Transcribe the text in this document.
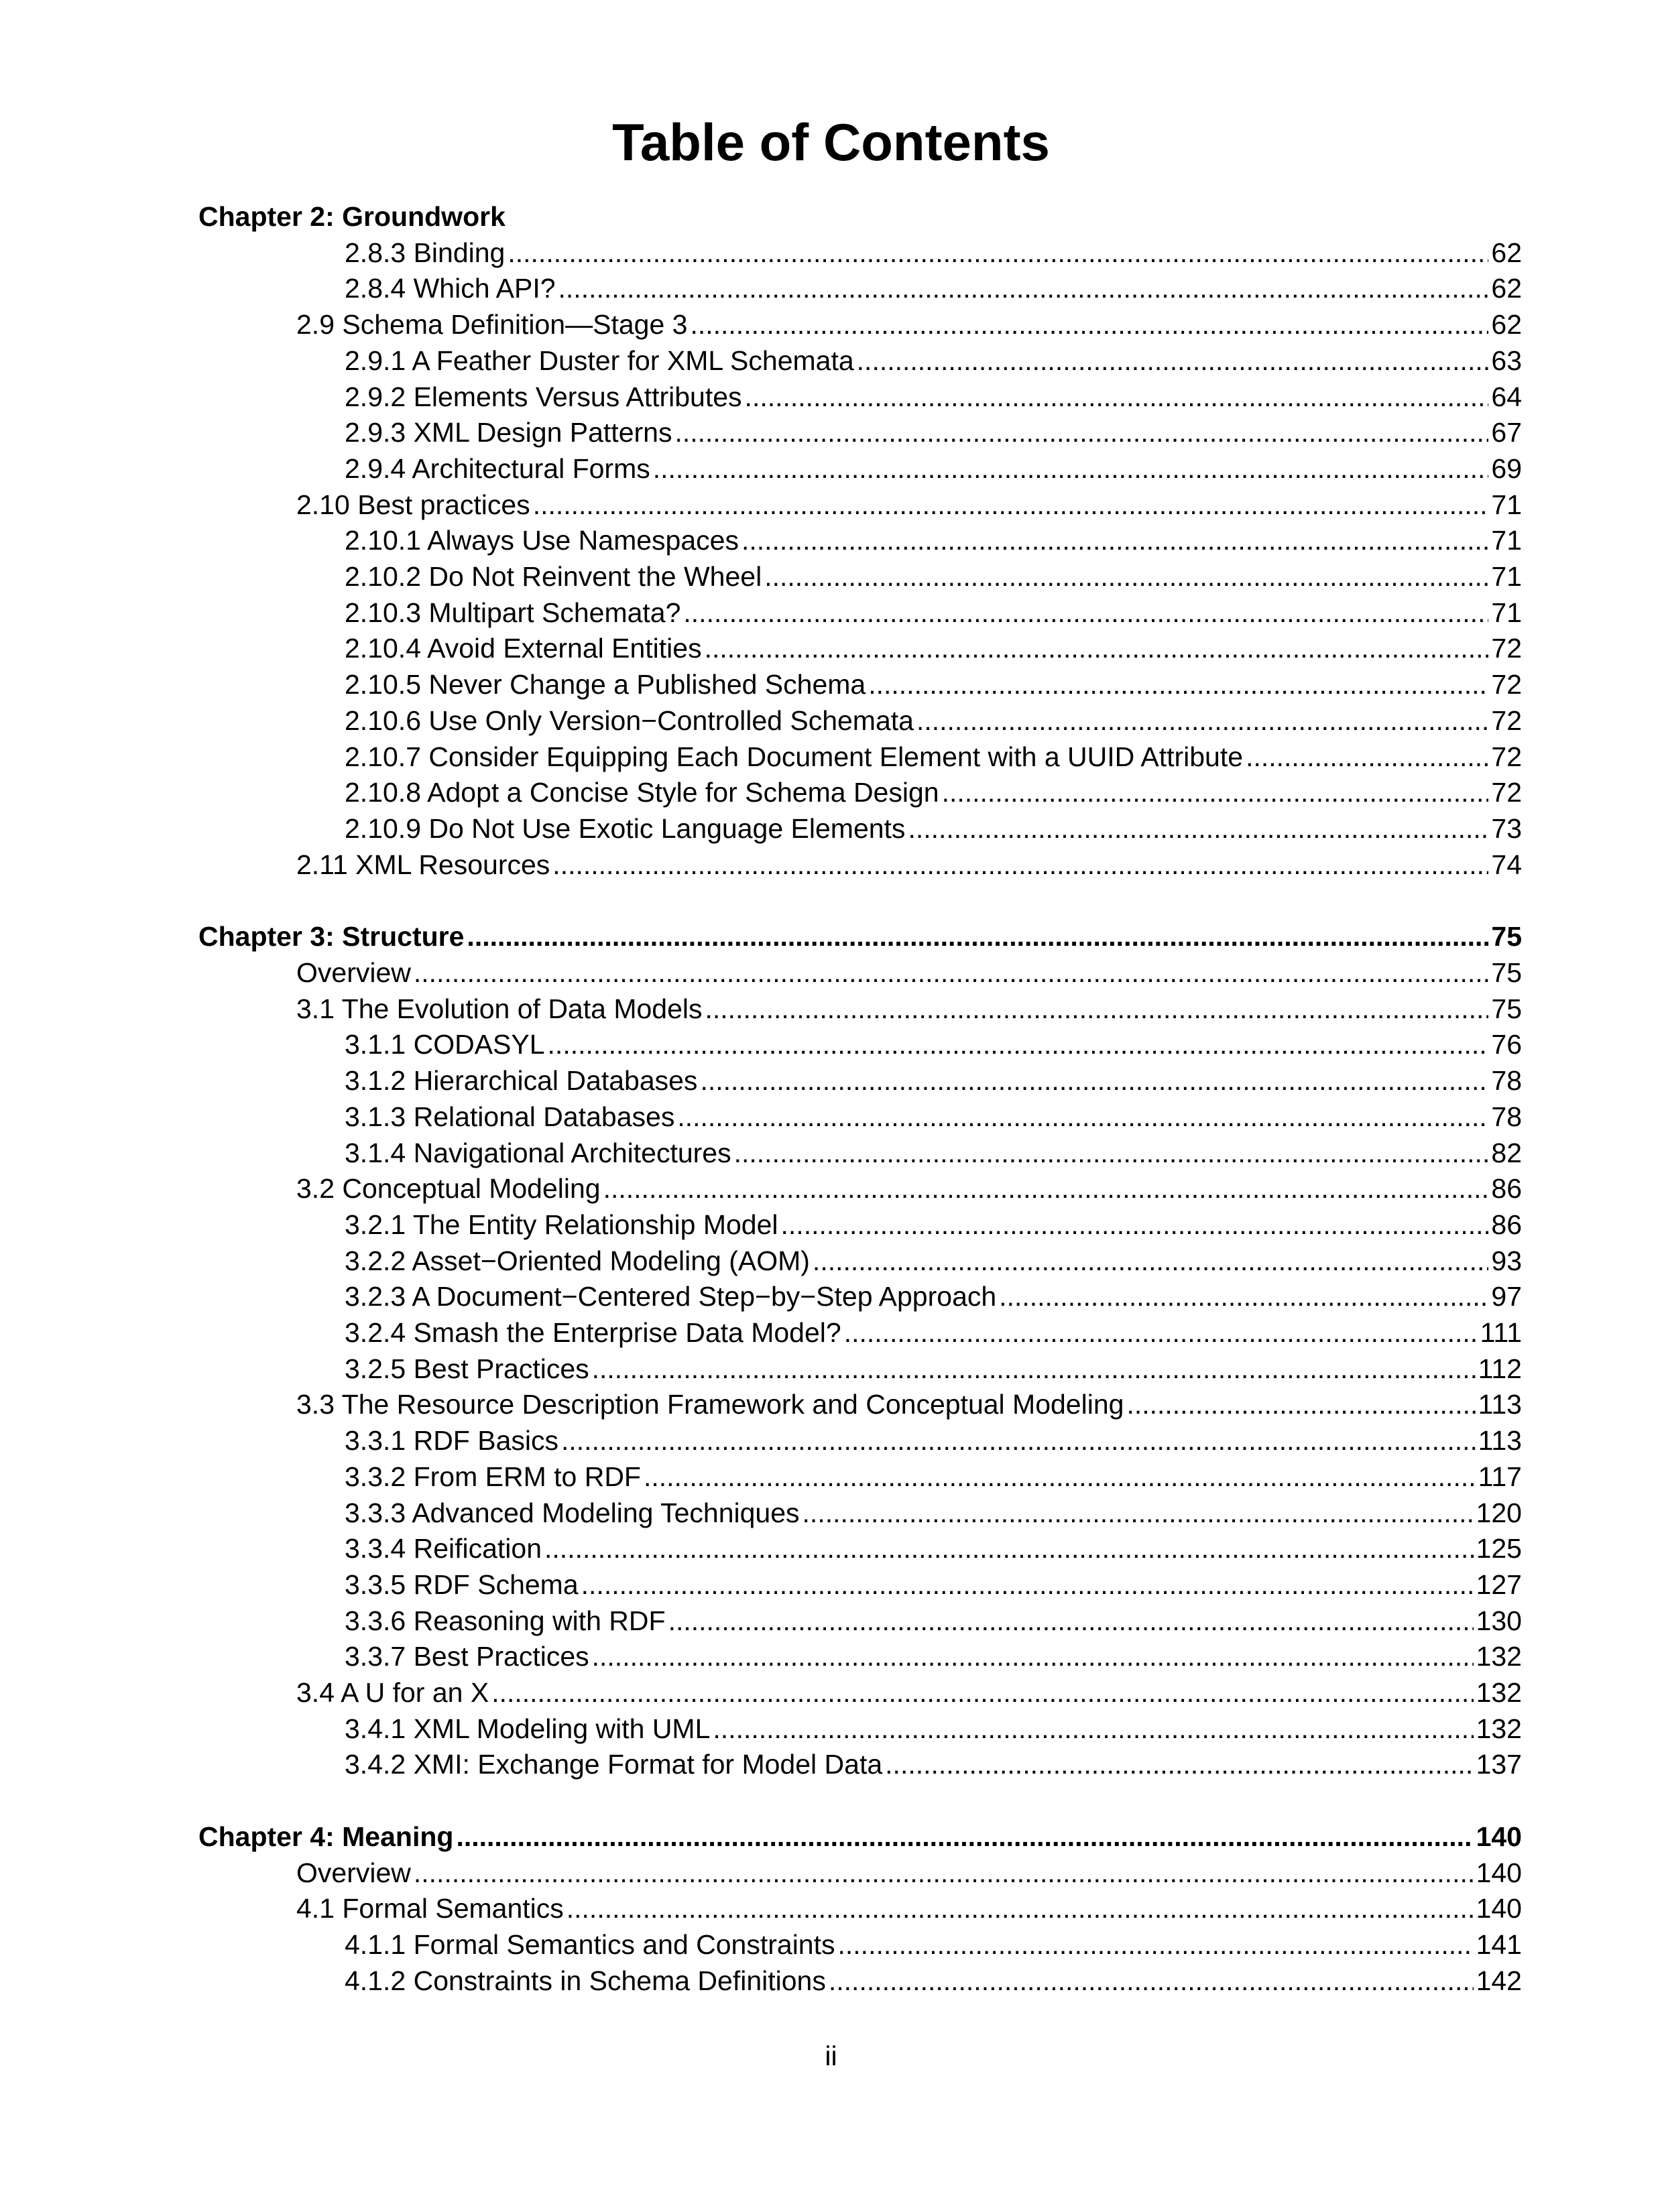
Table of Contents
Chapter 2: Groundwork
2.8.3 Binding .....	62
2.8.4 Which API? .....	62
2.9 Schema Definition—Stage 3 .....	62
2.9.1 A Feather Duster for XML Schemata .....	63
2.9.2 Elements Versus Attributes .....	64
2.9.3 XML Design Patterns .....	67
2.9.4 Architectural Forms .....	69
2.10 Best practices .....	71
2.10.1 Always Use Namespaces .....	71
2.10.2 Do Not Reinvent the Wheel .....	71
2.10.3 Multipart Schemata? .....	71
2.10.4 Avoid External Entities .....	72
2.10.5 Never Change a Published Schema .....	72
2.10.6 Use Only Version−Controlled Schemata .....	72
2.10.7 Consider Equipping Each Document Element with a UUID Attribute .....	72
2.10.8 Adopt a Concise Style for Schema Design .....	72
2.10.9 Do Not Use Exotic Language Elements .....	73
2.11 XML Resources .....	74
Chapter 3: Structure .....	75
Overview .....	75
3.1 The Evolution of Data Models .....	75
3.1.1 CODASYL .....	76
3.1.2 Hierarchical Databases .....	78
3.1.3 Relational Databases .....	78
3.1.4 Navigational Architectures .....	82
3.2 Conceptual Modeling .....	86
3.2.1 The Entity Relationship Model .....	86
3.2.2 Asset−Oriented Modeling (AOM) .....	93
3.2.3 A Document−Centered Step−by−Step Approach .....	97
3.2.4 Smash the Enterprise Data Model? .....	111
3.2.5 Best Practices .....	112
3.3 The Resource Description Framework and Conceptual Modeling .....	113
3.3.1 RDF Basics .....	113
3.3.2 From ERM to RDF .....	117
3.3.3 Advanced Modeling Techniques .....	120
3.3.4 Reification .....	125
3.3.5 RDF Schema .....	127
3.3.6 Reasoning with RDF .....	130
3.3.7 Best Practices .....	132
3.4 A U for an X .....	132
3.4.1 XML Modeling with UML .....	132
3.4.2 XMI: Exchange Format for Model Data .....	137
Chapter 4: Meaning .....	140
Overview .....	140
4.1 Formal Semantics .....	140
4.1.1 Formal Semantics and Constraints .....	141
4.1.2 Constraints in Schema Definitions .....	142
ii
